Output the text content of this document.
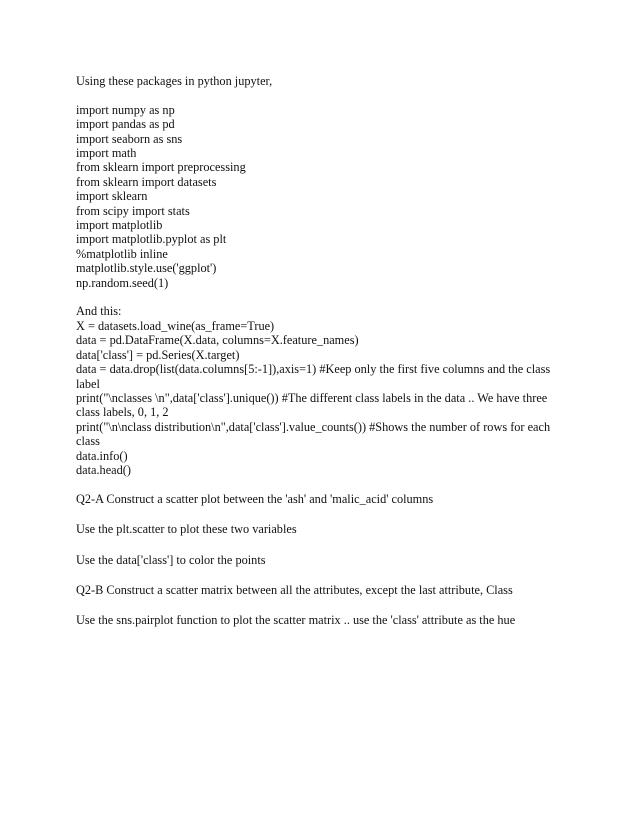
Using these packages in python jupyter,

import numpy as np
import pandas as pd
import seaborn as sns
import math
from sklearn import preprocessing
from sklearn import datasets
import sklearn
from scipy import stats
import matplotlib
import matplotlib.pyplot as plt
%matplotlib inline
matplotlib.style.use('ggplot')
np.random.seed(1)

And this:
X = datasets.load_wine(as_frame=True)
data = pd.DataFrame(X.data, columns=X.feature_names)
data['class'] = pd.Series(X.target)
data = data.drop(list(data.columns[5:-1]),axis=1) #Keep only the first five columns and the class label
print("\nclasses \n",data['class'].unique()) #The different class labels in the data .. We have three class labels, 0, 1, 2
print("\n\nclass distribution\n",data['class'].value_counts()) #Shows the number of rows for each class
data.info()
data.head()

Q2-A Construct a scatter plot between the 'ash' and 'malic_acid' columns

Use the plt.scatter to plot these two variables

Use the data['class'] to color the points

Q2-B Construct a scatter matrix between all the attributes, except the last attribute, Class

Use the sns.pairplot function to plot the scatter matrix .. use the 'class' attribute as the hue
